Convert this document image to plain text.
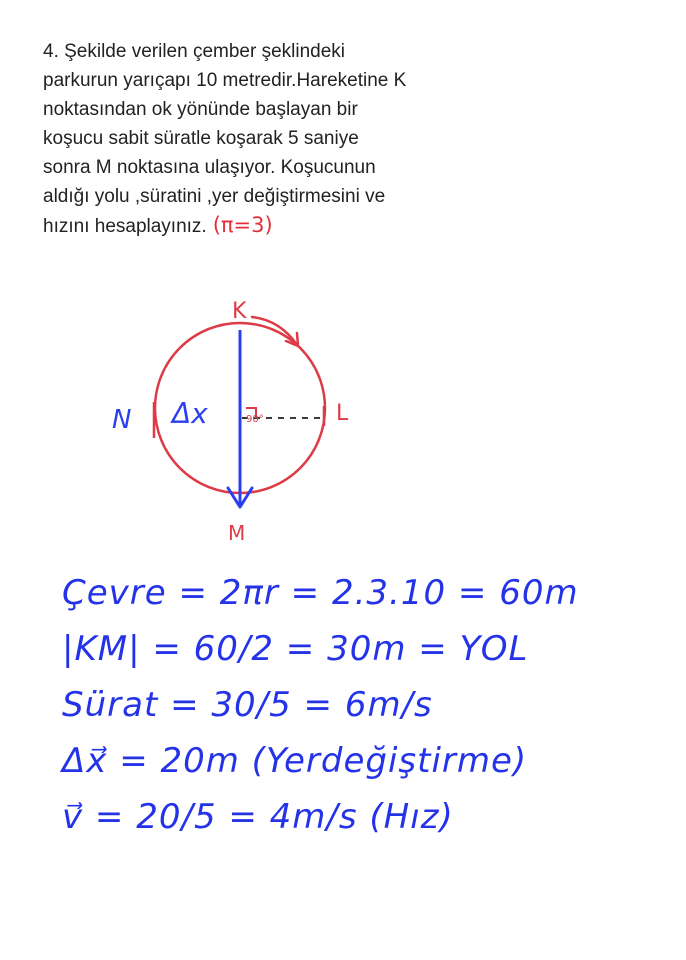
4. Şekilde verilen çember şeklindeki
parkurun yarıçapı 10 metredir.Hareketine K
noktasından ok yönünde başlayan bir
koşucu sabit süratle koşarak 5 saniye
sonra M noktasına ulaşıyor. Koşucunun
aldığı yolu ,süratini ,yer değiştirmesini ve
hızını hesaplayınız. (π=3)
90°
K
L
M
N Δx
Çevre = 2πr = 2.3.10 = 60m
|KM| = 60/2 = 30m = YOL
Sürat = 30/5 = 6m/s
Δx⃗ = 20m (Yerdeğiştirme)
v⃗ = 20/5 = 4m/s (Hız)
